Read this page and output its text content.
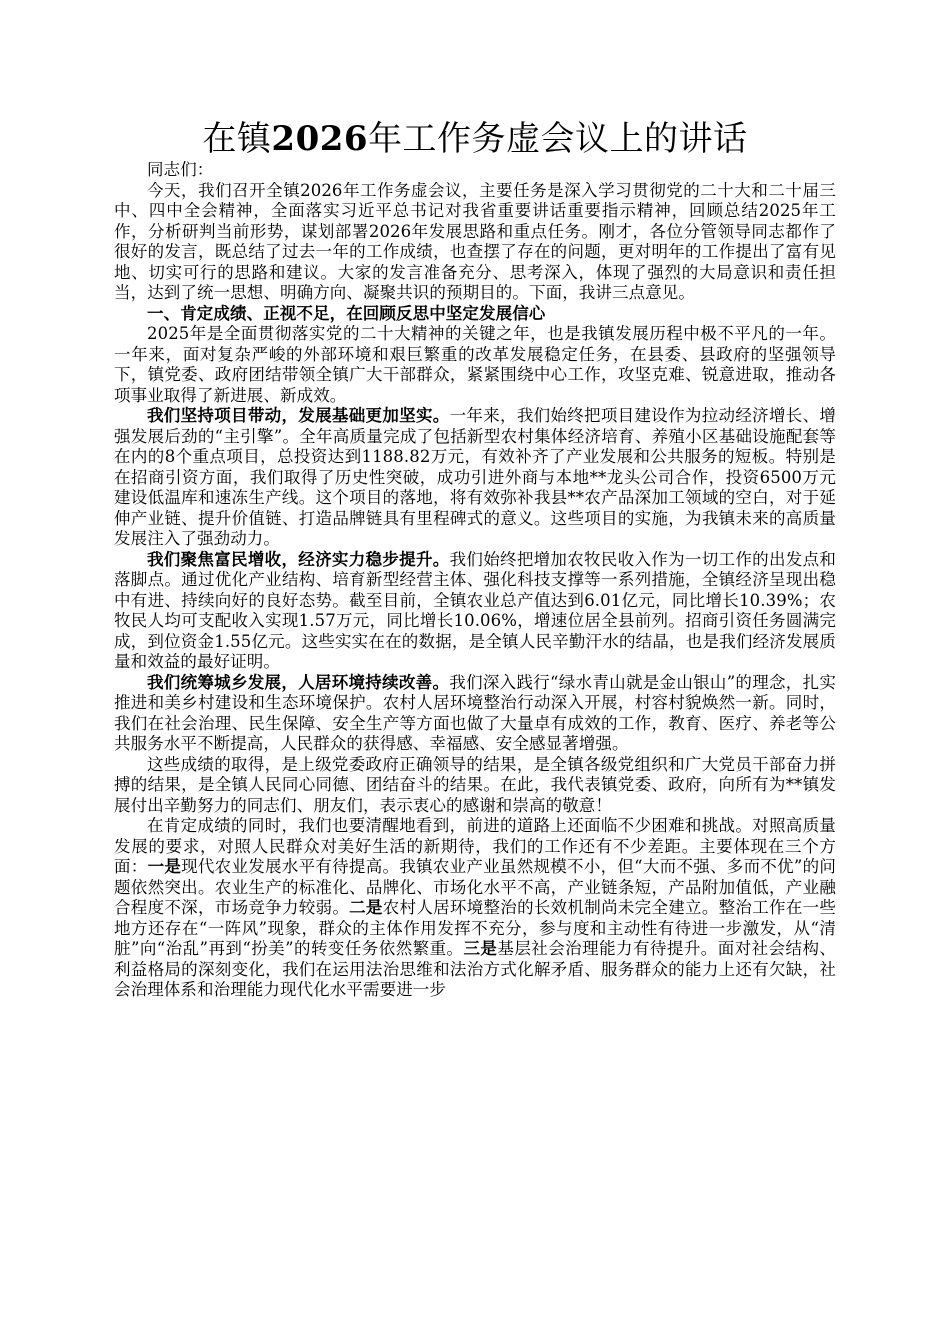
在镇2026年工作务虚会议上的讲话

同志们：

今天，我们召开全镇2026年工作务虚会议，主要任务是深入学习贯彻党的二十大和二十届三中、四中全会精神，全面落实习近平总书记对我省重要讲话重要指示精神，回顾总结2025年工作，分析研判当前形势，谋划部署2026年发展思路和重点任务。刚才，各位分管领导同志都作了很好的发言，既总结了过去一年的工作成绩，也查摆了存在的问题，更对明年的工作提出了富有见地、切实可行的思路和建议。大家的发言准备充分、思考深入，体现了强烈的大局意识和责任担当，达到了统一思想、明确方向、凝聚共识的预期目的。下面，我讲三点意见。

一、肯定成绩、正视不足，在回顾反思中坚定发展信心

2025年是全面贯彻落实党的二十大精神的关键之年，也是我镇发展历程中极不平凡的一年。一年来，面对复杂严峻的外部环境和艰巨繁重的改革发展稳定任务，在县委、县政府的坚强领导下，镇党委、政府团结带领全镇广大干部群众，紧紧围绕中心工作，攻坚克难、锐意进取，推动各项事业取得了新进展、新成效。

我们坚持项目带动，发展基础更加坚实。一年来，我们始终把项目建设作为拉动经济增长、增强发展后劲的“主引擎”。全年高质量完成了包括新型农村集体经济培育、养殖小区基础设施配套等在内的8个重点项目，总投资达到1188.82万元，有效补齐了产业发展和公共服务的短板。特别是在招商引资方面，我们取得了历史性突破，成功引进外商与本地**龙头公司合作，投资6500万元建设低温库和速冻生产线。这个项目的落地，将有效弥补我县**农产品深加工领域的空白，对于延伸产业链、提升价值链、打造品牌链具有里程碑式的意义。这些项目的实施，为我镇未来的高质量发展注入了强劲动力。

我们聚焦富民增收，经济实力稳步提升。我们始终把增加农牧民收入作为一切工作的出发点和落脚点。通过优化产业结构、培育新型经营主体、强化科技支撑等一系列措施，全镇经济呈现出稳中有进、持续向好的良好态势。截至目前，全镇农业总产值达到6.01亿元，同比增长10.39%；农牧民人均可支配收入实现1.57万元，同比增长10.06%，增速位居全县前列。招商引资任务圆满完成，到位资金1.55亿元。这些实实在在的数据，是全镇人民辛勤汗水的结晶，也是我们经济发展质量和效益的最好证明。

我们统筹城乡发展，人居环境持续改善。我们深入践行“绿水青山就是金山银山”的理念，扎实推进和美乡村建设和生态环境保护。农村人居环境整治行动深入开展，村容村貌焕然一新。同时，我们在社会治理、民生保障、安全生产等方面也做了大量卓有成效的工作，教育、医疗、养老等公共服务水平不断提高，人民群众的获得感、幸福感、安全感显著增强。

这些成绩的取得，是上级党委政府正确领导的结果，是全镇各级党组织和广大党员干部奋力拼搏的结果，是全镇人民同心同德、团结奋斗的结果。在此，我代表镇党委、政府，向所有为**镇发展付出辛勤努力的同志们、朋友们，表示衷心的感谢和崇高的敬意！

在肯定成绩的同时，我们也要清醒地看到，前进的道路上还面临不少困难和挑战。对照高质量发展的要求，对照人民群众对美好生活的新期待，我们的工作还有不少差距。主要体现在三个方面：一是现代农业发展水平有待提高。我镇农业产业虽然规模不小，但“大而不强、多而不优”的问题依然突出。农业生产的标准化、品牌化、市场化水平不高，产业链条短，产品附加值低，产业融合程度不深，市场竞争力较弱。二是农村人居环境整治的长效机制尚未完全建立。整治工作在一些地方还存在“一阵风”现象，群众的主体作用发挥不充分，参与度和主动性有待进一步激发，从“清脏”向“治乱”再到“扮美”的转变任务依然繁重。三是基层社会治理能力有待提升。面对社会结构、利益格局的深刻变化，我们在运用法治思维和法治方式化解矛盾、服务群众的能力上还有欠缺，社会治理体系和治理能力现代化水平需要进一步
